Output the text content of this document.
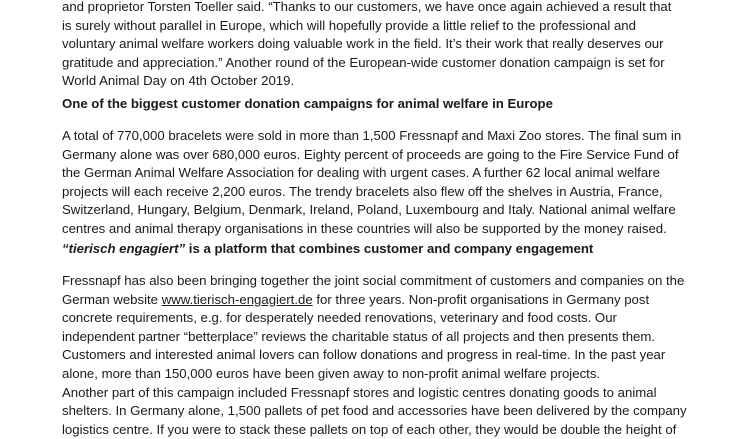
and proprietor Torsten Toeller said. “Thanks to our customers, we have once again achieved a result that
is surely without parallel in Europe, which will hopefully provide a little relief to the professional and
voluntary animal welfare workers doing valuable work in the field. It’s their work that really deserves our
gratitude and appreciation.” Another round of the European-wide customer donation campaign is set for
World Animal Day on 4th October 2019.

One of the biggest customer donation campaigns for animal welfare in Europe

A total of 770,000 bracelets were sold in more than 1,500 Fressnapf and Maxi Zoo stores. The final sum in
Germany alone was over 680,000 euros. Eighty percent of proceeds are going to the Fire Service Fund of
the German Animal Welfare Association for dealing with urgent cases. A further 62 local animal welfare
projects will each receive 2,200 euros. The trendy bracelets also flew off the shelves in Austria, France,
Switzerland, Hungary, Belgium, Denmark, Ireland, Poland, Luxembourg and Italy. National animal welfare
centres and animal therapy organisations in these countries will also be supported by the money raised.

“tierisch engagiert” is a platform that combines customer and company engagement

Fressnapf has also been bringing together the joint social commitment of customers and companies on the
German website www.tierisch-engagiert.de for three years. Non-profit organisations in Germany post
concrete requirements, e.g. for desperately needed renovations, veterinary and food costs. Our
independent partner “betterplace” reviews the charitable status of all projects and then presents them.
Customers and interested animal lovers can follow donations and progress in real-time. In the past year
alone, more than 150,000 euros have been given away to non-profit animal welfare projects.
Another part of this campaign included Fressnapf stores and logistic centres donating goods to animal
shelters. In Germany alone, 1,500 pallets of pet food and accessories have been delivered by the company
logistics centre. If you were to stack these pallets on top of each other, they would be double the height of
